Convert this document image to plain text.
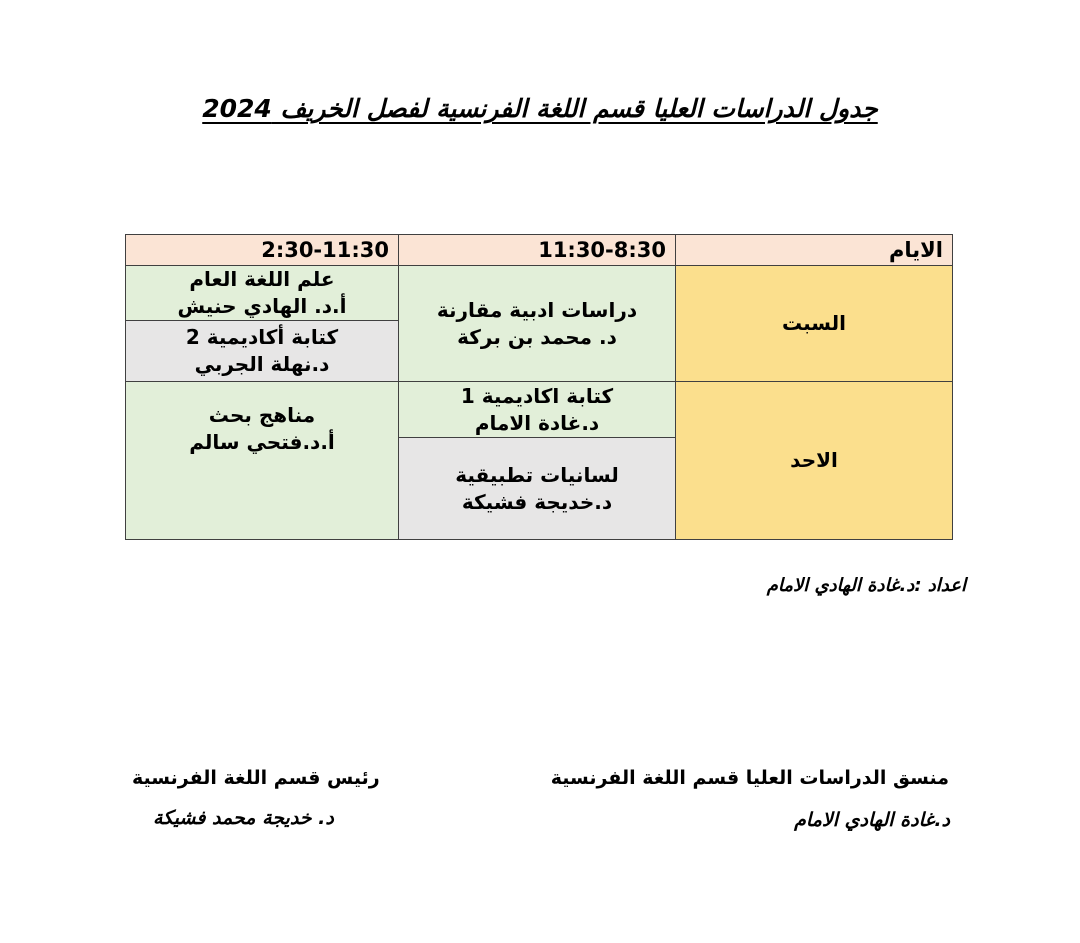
جدول الدراسات العليا قسم اللغة الفرنسية لفصل الخريف 2024
الايام
11:30-8:30
2:30-11:30
السبت
دراسات ادبية مقارنة
د. محمد بن بركة
علم اللغة العام
أ.د. الهادي حنيش
كتابة أكاديمية 2
د.نهلة الجربي
الاحد
كتابة اكاديمية 1
د.غادة الامام
لسانيات تطبيقية
د.خديجة فشيكة
مناهج بحث
أ.د.فتحي سالم
اعداد :د.غادة الهادي الامام
منسق الدراسات العليا قسم اللغة الفرنسية
د.غادة الهادي الامام
رئيس قسم اللغة الفرنسية
د. خديجة محمد فشيكة
